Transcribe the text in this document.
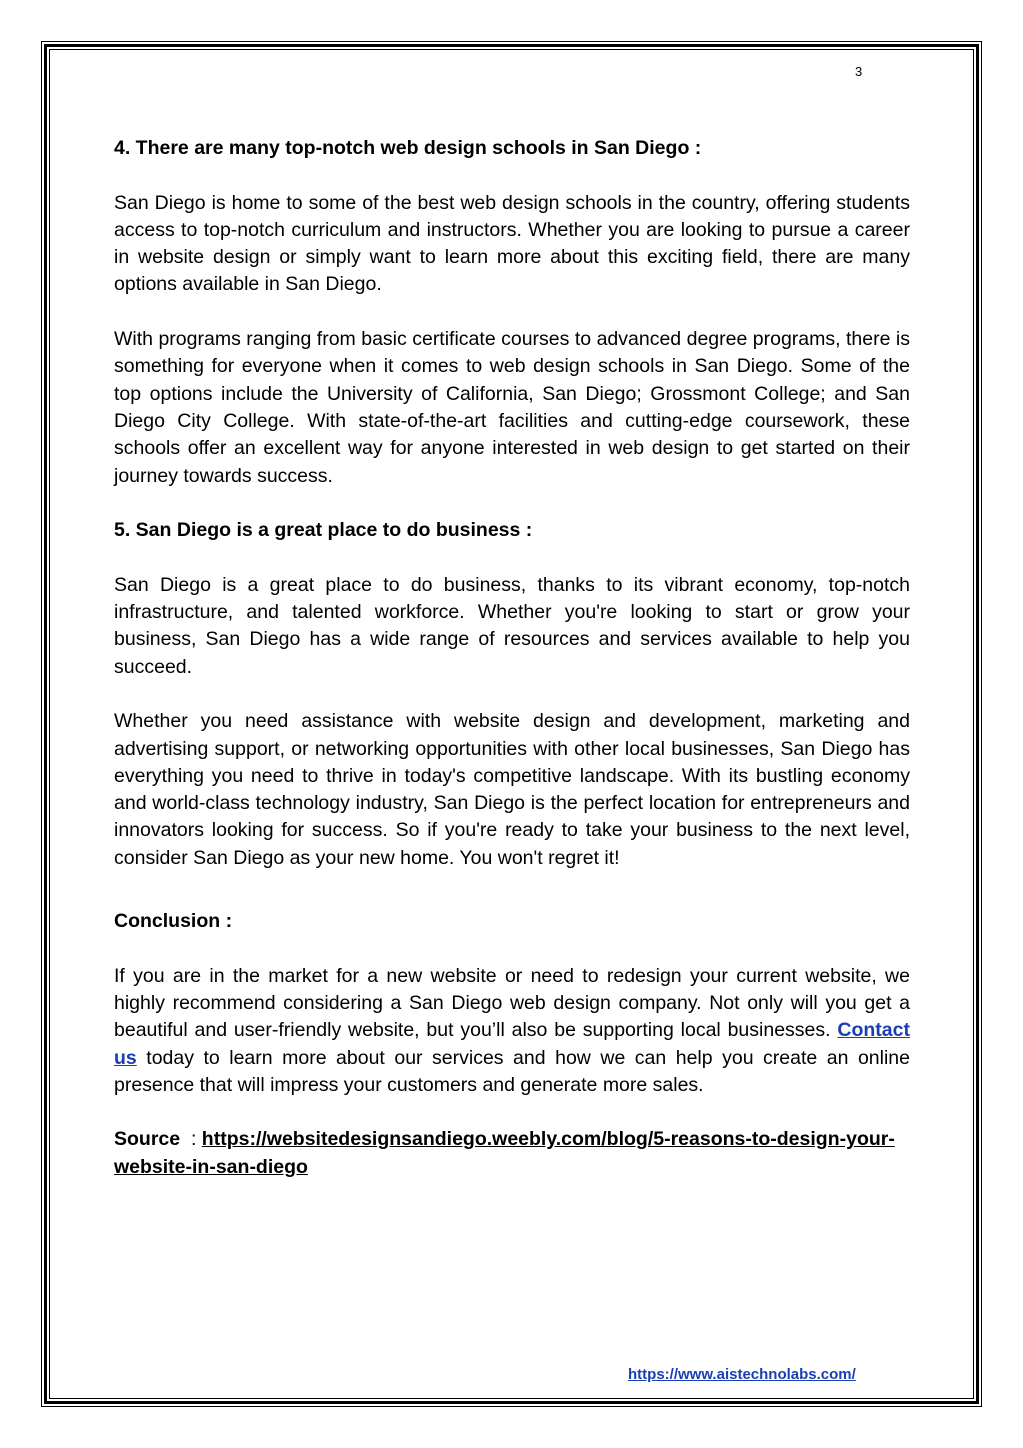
3

4. There are many top-notch web design schools in San Diego :

San Diego is home to some of the best web design schools in the country, offering students access to top-notch curriculum and instructors. Whether you are looking to pursue a career in website design or simply want to learn more about this exciting field, there are many options available in San Diego.

With programs ranging from basic certificate courses to advanced degree programs, there is something for everyone when it comes to web design schools in San Diego. Some of the top options include the University of California, San Diego; Grossmont College; and San Diego City College. With state-of-the-art facilities and cutting-edge coursework, these schools offer an excellent way for anyone interested in web design to get started on their journey towards success.

5. San Diego is a great place to do business :

San Diego is a great place to do business, thanks to its vibrant economy, top-notch infrastructure, and talented workforce. Whether you're looking to start or grow your business, San Diego has a wide range of resources and services available to help you succeed.

Whether you need assistance with website design and development, marketing and advertising support, or networking opportunities with other local businesses, San Diego has everything you need to thrive in today's competitive landscape. With its bustling economy and world-class technology industry, San Diego is the perfect location for entrepreneurs and innovators looking for success. So if you're ready to take your business to the next level, consider San Diego as your new home. You won't regret it!

Conclusion :

If you are in the market for a new website or need to redesign your current website, we highly recommend considering a San Diego web design company. Not only will you get a beautiful and user-friendly website, but you’ll also be supporting local businesses. Contact us today to learn more about our services and how we can help you create an online presence that will impress your customers and generate more sales.

Source : https://websitedesignsandiego.weebly.com/blog/5-reasons-to-design-your-website-in-san-diego

https://www.aistechnolabs.com/
